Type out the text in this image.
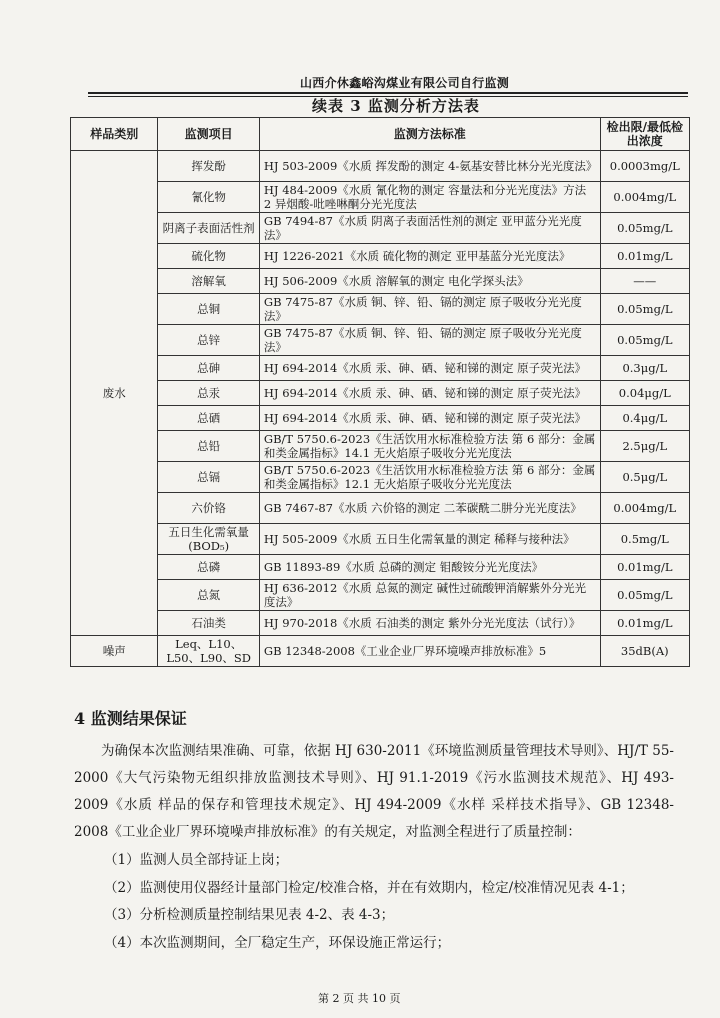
山西介休鑫峪沟煤业有限公司自行监测
续表 3 监测分析方法表
样品类别	监测项目	监测方法标准	检出限/最低检出浓度
废水	挥发酚	HJ 503-2009《水质 挥发酚的测定 4-氨基安替比林分光光度法》	0.0003mg/L
	氰化物	HJ 484-2009《水质 氰化物的测定 容量法和分光光度法》方法 2 异烟酸-吡唑啉酮分光光度法	0.004mg/L
	阴离子表面活性剂	GB 7494-87《水质 阴离子表面活性剂的测定 亚甲蓝分光光度法》	0.05mg/L
	硫化物	HJ 1226-2021《水质 硫化物的测定 亚甲基蓝分光光度法》	0.01mg/L
	溶解氧	HJ 506-2009《水质 溶解氧的测定 电化学探头法》	——
	总铜	GB 7475-87《水质 铜、锌、铅、镉的测定 原子吸收分光光度法》	0.05mg/L
	总锌	GB 7475-87《水质 铜、锌、铅、镉的测定 原子吸收分光光度法》	0.05mg/L
	总砷	HJ 694-2014《水质 汞、砷、硒、铋和锑的测定 原子荧光法》	0.3μg/L
	总汞	HJ 694-2014《水质 汞、砷、硒、铋和锑的测定 原子荧光法》	0.04μg/L
	总硒	HJ 694-2014《水质 汞、砷、硒、铋和锑的测定 原子荧光法》	0.4μg/L
	总铅	GB/T 5750.6-2023《生活饮用水标准检验方法 第 6 部分：金属和类金属指标》14.1 无火焰原子吸收分光光度法	2.5μg/L
	总镉	GB/T 5750.6-2023《生活饮用水标准检验方法 第 6 部分：金属和类金属指标》12.1 无火焰原子吸收分光光度法	0.5μg/L
	六价铬	GB 7467-87《水质 六价铬的测定 二苯碳酰二肼分光光度法》	0.004mg/L
	五日生化需氧量(BOD₅)	HJ 505-2009《水质 五日生化需氧量的测定 稀释与接种法》	0.5mg/L
	总磷	GB 11893-89《水质 总磷的测定 钼酸铵分光光度法》	0.01mg/L
	总氮	HJ 636-2012《水质 总氮的测定 碱性过硫酸钾消解紫外分光光度法》	0.05mg/L
	石油类	HJ 970-2018《水质 石油类的测定 紫外分光光度法（试行）》	0.01mg/L
噪声	Leq、L10、L50、L90、SD	GB 12348-2008《工业企业厂界环境噪声排放标准》5	35dB(A)
4 监测结果保证
为确保本次监测结果准确、可靠，依据 HJ 630-2011《环境监测质量管理技术导则》、HJ/T 55-2000《大气污染物无组织排放监测技术导则》、HJ 91.1-2019《污水监测技术规范》、HJ 493-2009《水质 样品的保存和管理技术规定》、HJ 494-2009《水样 采样技术指导》、GB 12348-2008《工业企业厂界环境噪声排放标准》的有关规定，对监测全程进行了质量控制：
（1）监测人员全部持证上岗；
（2）监测使用仪器经计量部门检定/校准合格，并在有效期内，检定/校准情况见表 4-1；
（3）分析检测质量控制结果见表 4-2、表 4-3；
（4）本次监测期间，全厂稳定生产，环保设施正常运行；
第 2 页 共 10 页
